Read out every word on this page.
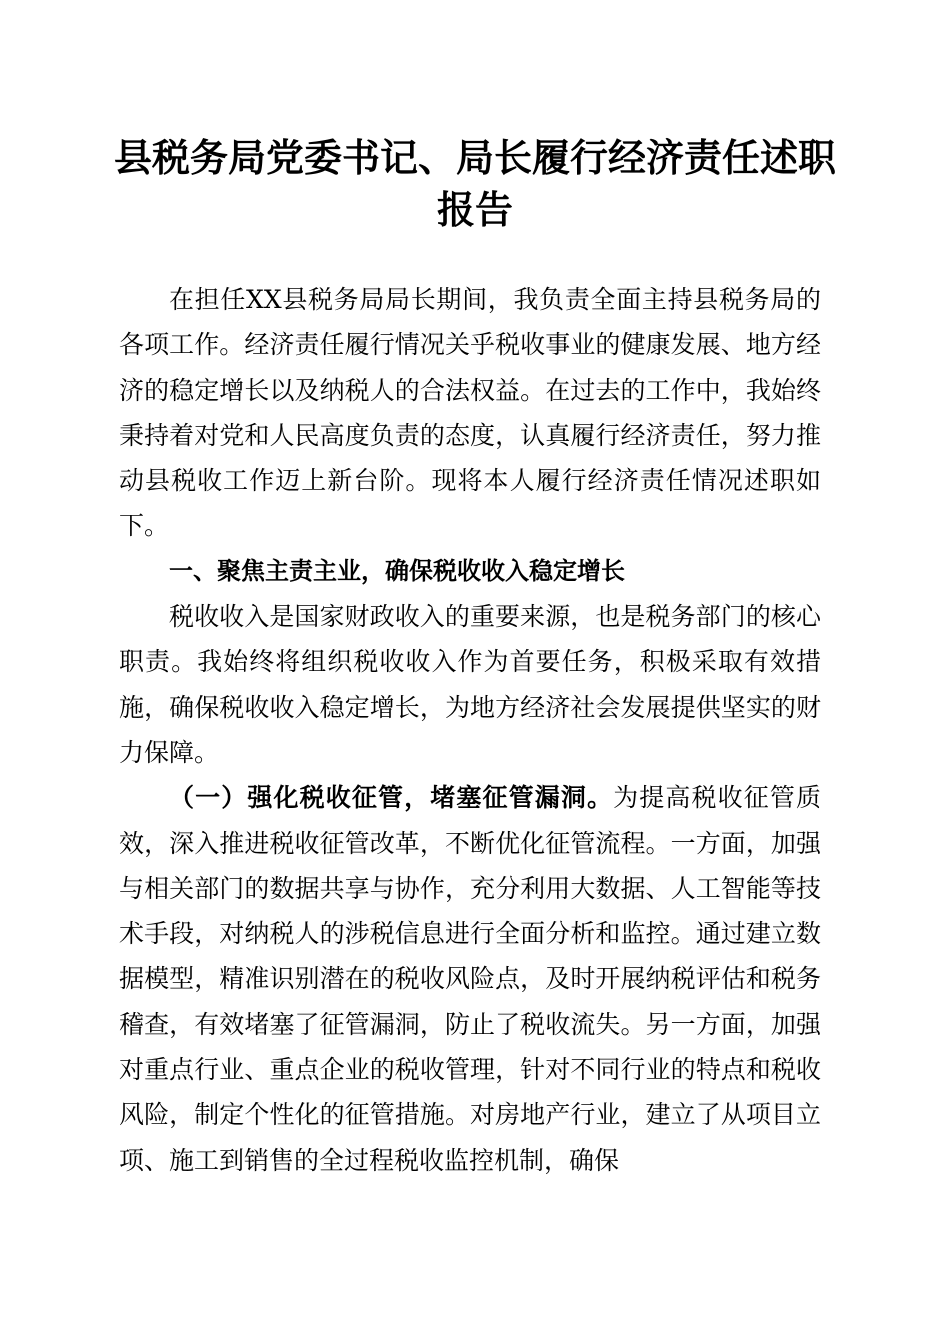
县税务局党委书记、局长履行经济责任述职报告

在担任XX县税务局局长期间，我负责全面主持县税务局的各项工作。经济责任履行情况关乎税收事业的健康发展、地方经济的稳定增长以及纳税人的合法权益。在过去的工作中，我始终秉持着对党和人民高度负责的态度，认真履行经济责任，努力推动县税收工作迈上新台阶。现将本人履行经济责任情况述职如下。

一、聚焦主责主业，确保税收收入稳定增长

税收收入是国家财政收入的重要来源，也是税务部门的核心职责。我始终将组织税收收入作为首要任务，积极采取有效措施，确保税收收入稳定增长，为地方经济社会发展提供坚实的财力保障。

（一）强化税收征管，堵塞征管漏洞。为提高税收征管质效，深入推进税收征管改革，不断优化征管流程。一方面，加强与相关部门的数据共享与协作，充分利用大数据、人工智能等技术手段，对纳税人的涉税信息进行全面分析和监控。通过建立数据模型，精准识别潜在的税收风险点，及时开展纳税评估和税务稽查，有效堵塞了征管漏洞，防止了税收流失。另一方面，加强对重点行业、重点企业的税收管理，针对不同行业的特点和税收风险，制定个性化的征管措施。对房地产行业，建立了从项目立项、施工到销售的全过程税收监控机制，确保
